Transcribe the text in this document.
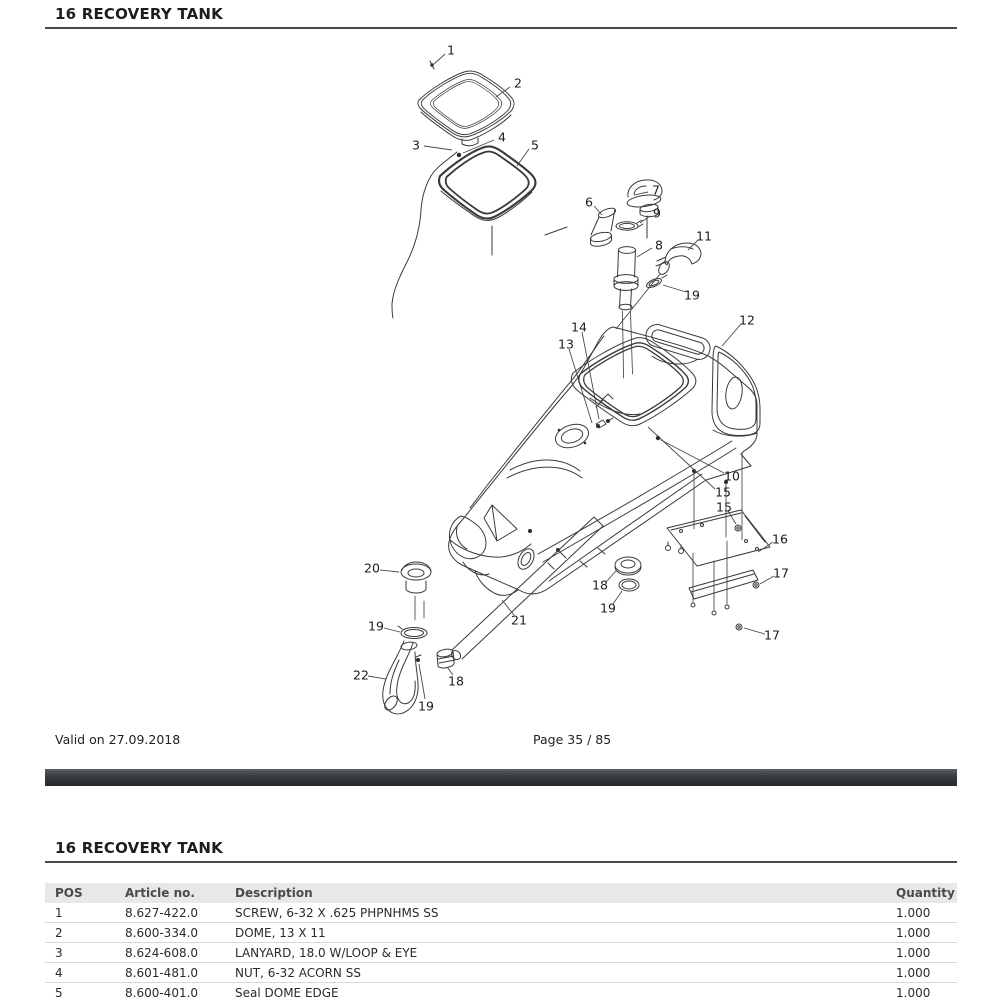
16 RECOVERY TANK
1
2
3
4
5
6
7
9
8
11
19
12
14
13
10
15
15
16
17
18
19
20
19
22
21
18
19
17
Valid on 27.09.2018	Page 35 / 85
16 RECOVERY TANK
POS	Article no.	Description	Quantity
1	8.627-422.0	SCREW, 6-32 X .625 PHPNHMS SS	1.000
2	8.600-334.0	DOME, 13 X 11	1.000
3	8.624-608.0	LANYARD, 18.0 W/LOOP & EYE	1.000
4	8.601-481.0	NUT, 6-32 ACORN SS	1.000
5	8.600-401.0	Seal DOME EDGE	1.000
